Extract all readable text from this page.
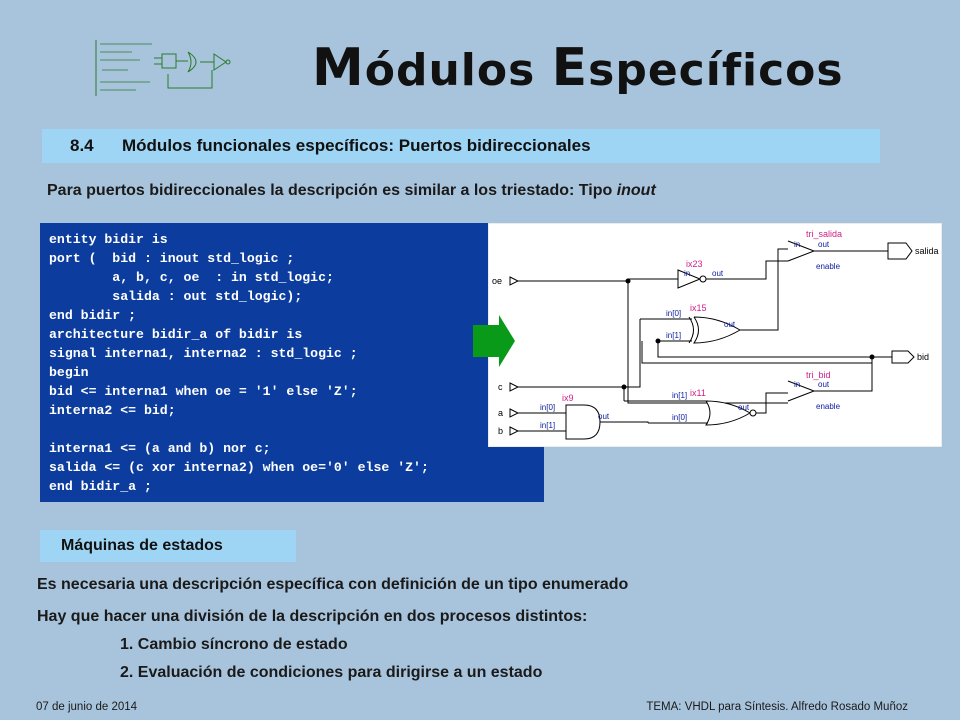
Módulos Específicos
8.4 Módulos funcionales específicos: Puertos bidireccionales
Para puertos bidireccionales la descripción es similar a los triestado: Tipo inout
entity bidir is
port (  bid : inout std_logic ;
a, b, c, oe  : in std_logic;
salida : out std_logic);
end bidir ;
architecture bidir_a of bidir is
signal interna1, interna2 : std_logic ;
begin
bid <= interna1 when oe = '1' else 'Z';
interna2 <= bid;
interna1 <= (a and b) nor c;
salida <= (c xor interna2) when oe='0' else 'Z';
end bidir_a ;
oe
c
a
b
salida
bid
in	out
in[0]
in[1]
out
in[1]
in[0]
out
in[0]
in[1]
out
in out
enable
in out
enable
ix23
ix15
ix11
ix9
tri_salida
tri_bid
Máquinas de estados
Es necesaria una descripción específica con definición de un tipo enumerado
Hay que hacer una división de la descripción en dos procesos distintos:
1. Cambio síncrono de estado
2. Evaluación de condiciones para dirigirse a un estado
07 de junio de 2014	TEMA: VHDL para Síntesis. Alfredo Rosado Muñoz
